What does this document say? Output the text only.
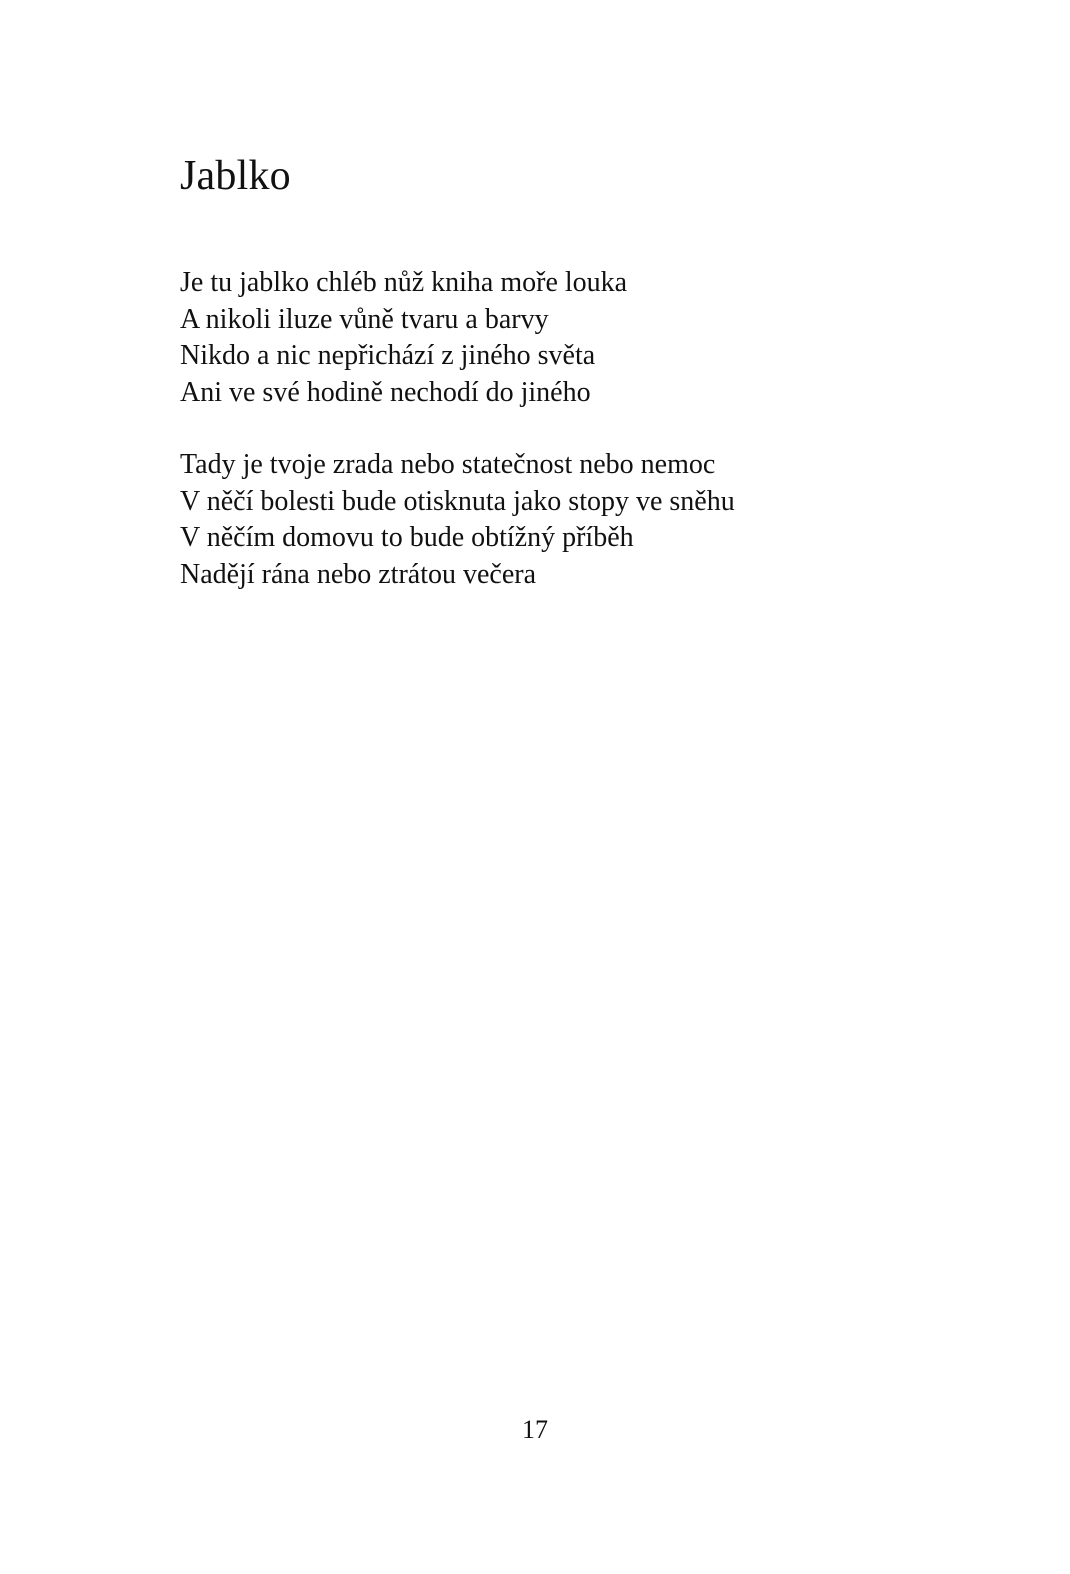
Jablko

Je tu jablko chléb nůž kniha moře louka
A nikoli iluze vůně tvaru a barvy
Nikdo a nic nepřichází z jiného světa
Ani ve své hodině nechodí do jiného

Tady je tvoje zrada nebo statečnost nebo nemoc
V něčí bolesti bude otisknuta jako stopy ve sněhu
V něčím domovu to bude obtížný příběh
Nadějí rána nebo ztrátou večera

17
